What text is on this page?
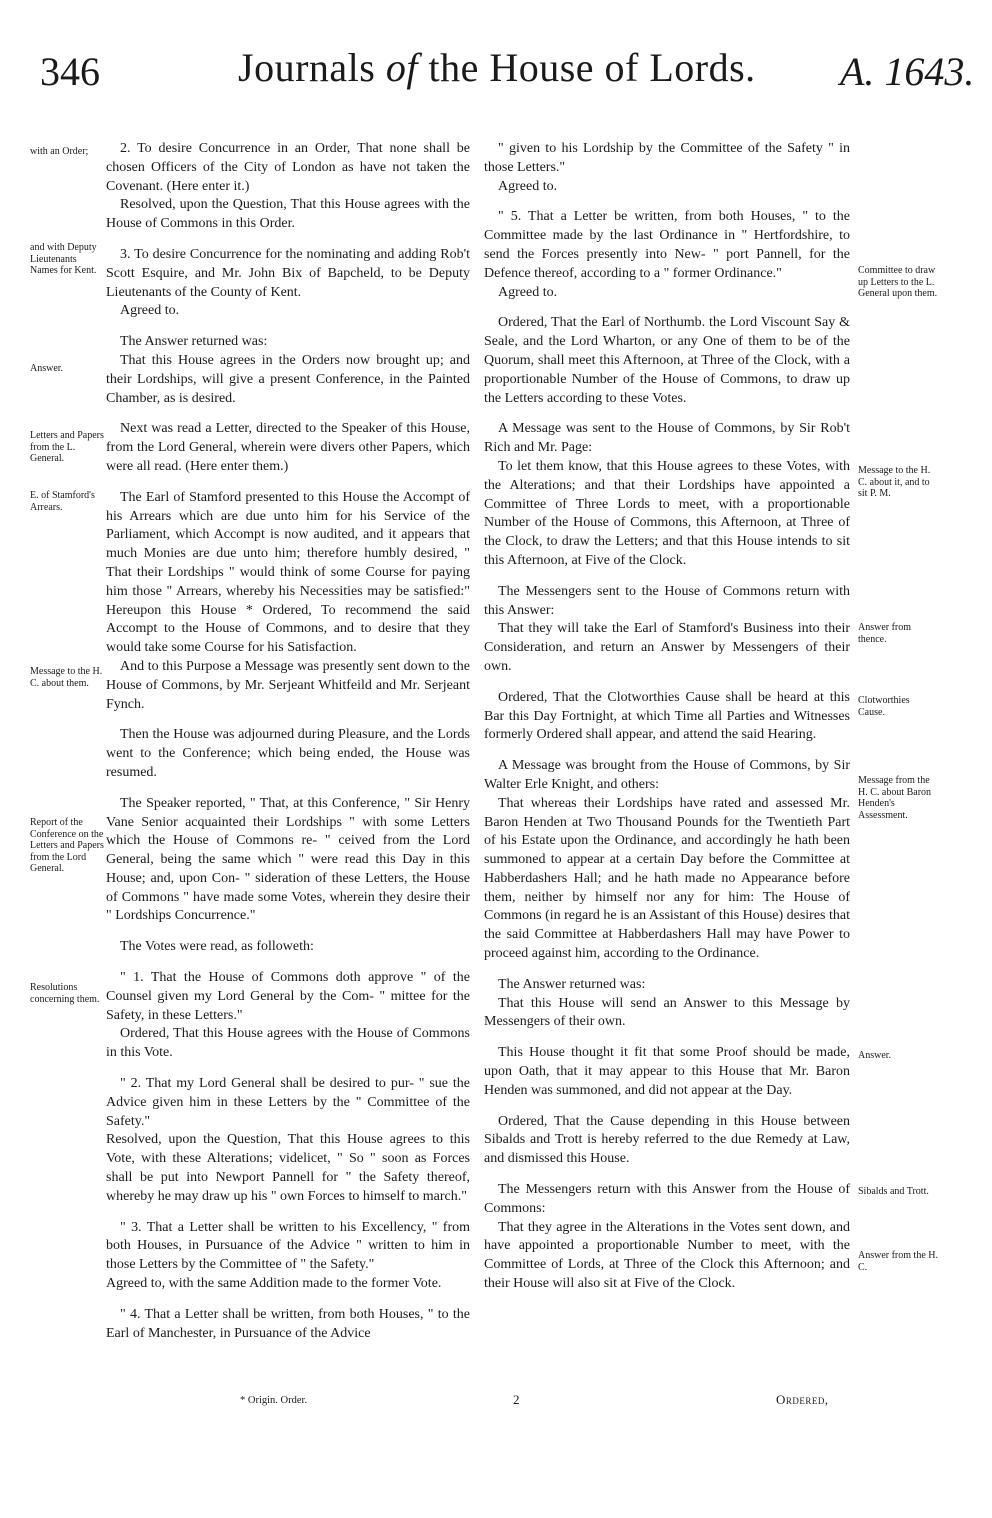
346	Journals of the House of Lords. A. 1643.
with an Order;
and with Deputy Lieutenants Names for Kent.
Answer.
Letters and Papers from the L. General.
E. of Stamford's Arrears.
Message to the H. C. about them.
Report of the Conference on the Letters and Papers from the Lord General.
Resolutions concerning them.
Committee to draw up Letters to the L. General upon them.
Message to the H. C. about it, and to sit P. M.
Answer from thence.
Clotworthies Cause.
Message from the H. C. about Baron Henden's Assessment.
Answer.
Sibalds and Trott.
Answer from the H. C.

2. To desire Concurrence in an Order, That none shall be chosen Officers of the City of London as have not taken the Covenant. (Here enter it.)

Resolved, upon the Question, That this House agrees with the House of Commons in this Order.

3. To desire Concurrence for the nominating and adding Rob't Scott Esquire, and Mr. John Bix of Bapcheld, to be Deputy Lieutenants of the County of Kent.

Agreed to.

The Answer returned was:

That this House agrees in the Orders now brought up; and their Lordships, will give a present Conference, in the Painted Chamber, as is desired.

Next was read a Letter, directed to the Speaker of this House, from the Lord General, wherein were divers other Papers, which were all read. (Here enter them.)

The Earl of Stamford presented to this House the Accompt of his Arrears which are due unto him for his Service of the Parliament, which Accompt is now audited, and it appears that much Monies are due unto him; therefore humbly desired, " That their Lordships " would think of some Course for paying him those " Arrears, whereby his Necessities may be satisfied:" Hereupon this House * Ordered, To recommend the said Accompt to the House of Commons, and to desire that they would take some Course for his Satisfaction.

And to this Purpose a Message was presently sent down to the House of Commons, by Mr. Serjeant Whitfeild and Mr. Serjeant Fynch.

Then the House was adjourned during Pleasure, and the Lords went to the Conference; which being ended, the House was resumed.

The Speaker reported, " That, at this Conference, " Sir Henry Vane Senior acquainted their Lordships " with some Letters which the House of Commons re- " ceived from the Lord General, being the same which " were read this Day in this House; and, upon Con- " sideration of these Letters, the House of Commons " have made some Votes, wherein they desire their " Lordships Concurrence."

The Votes were read, as followeth:

" 1. That the House of Commons doth approve " of the Counsel given my Lord General by the Com- " mittee for the Safety, in these Letters."

Ordered, That this House agrees with the House of Commons in this Vote.

" 2. That my Lord General shall be desired to pur- " sue the Advice given him in these Letters by the " Committee of the Safety."

Resolved, upon the Question, That this House agrees to this Vote, with these Alterations; videlicet, " So " soon as Forces shall be put into Newport Pannell for " the Safety thereof, whereby he may draw up his " own Forces to himself to march."

" 3. That a Letter shall be written to his Excellency, " from both Houses, in Pursuance of the Advice " written to him in those Letters by the Committee of " the Safety."

Agreed to, with the same Addition made to the former Vote.

" 4. That a Letter shall be written, from both Houses, " to the Earl of Manchester, in Pursuance of the Advice

" given to his Lordship by the Committee of the Safety " in those Letters."

Agreed to.

" 5. That a Letter be written, from both Houses, " to the Committee made by the last Ordinance in " Hertfordshire, to send the Forces presently into New- " port Pannell, for the Defence thereof, according to a " former Ordinance."

Agreed to.

Ordered, That the Earl of Northumb. the Lord Viscount Say & Seale, and the Lord Wharton, or any One of them to be of the Quorum, shall meet this Afternoon, at Three of the Clock, with a proportionable Number of the House of Commons, to draw up the Letters according to these Votes.

A Message was sent to the House of Commons, by Sir Rob't Rich and Mr. Page:

To let them know, that this House agrees to these Votes, with the Alterations; and that their Lordships have appointed a Committee of Three Lords to meet, with a proportionable Number of the House of Commons, this Afternoon, at Three of the Clock, to draw the Letters; and that this House intends to sit this Afternoon, at Five of the Clock.

The Messengers sent to the House of Commons return with this Answer:

That they will take the Earl of Stamford's Business into their Consideration, and return an Answer by Messengers of their own.

Ordered, That the Clotworthies Cause shall be heard at this Bar this Day Fortnight, at which Time all Parties and Witnesses formerly Ordered shall appear, and attend the said Hearing.

A Message was brought from the House of Commons, by Sir Walter Erle Knight, and others:

That whereas their Lordships have rated and assessed Mr. Baron Henden at Two Thousand Pounds for the Twentieth Part of his Estate upon the Ordinance, and accordingly he hath been summoned to appear at a certain Day before the Committee at Habberdashers Hall; and he hath made no Appearance before them, neither by himself nor any for him: The House of Commons (in regard he is an Assistant of this House) desires that the said Committee at Habberdashers Hall may have Power to proceed against him, according to the Ordinance.

The Answer returned was:

That this House will send an Answer to this Message by Messengers of their own.

This House thought it fit that some Proof should be made, upon Oath, that it may appear to this House that Mr. Baron Henden was summoned, and did not appear at the Day.

Ordered, That the Cause depending in this House between Sibalds and Trott is hereby referred to the due Remedy at Law, and dismissed this House.

The Messengers return with this Answer from the House of Commons:

That they agree in the Alterations in the Votes sent down, and have appointed a proportionable Number to meet, with the Committee of Lords, at Three of the Clock this Afternoon; and their House will also sit at Five of the Clock.

* Origin. Order.	2	Ordered,
